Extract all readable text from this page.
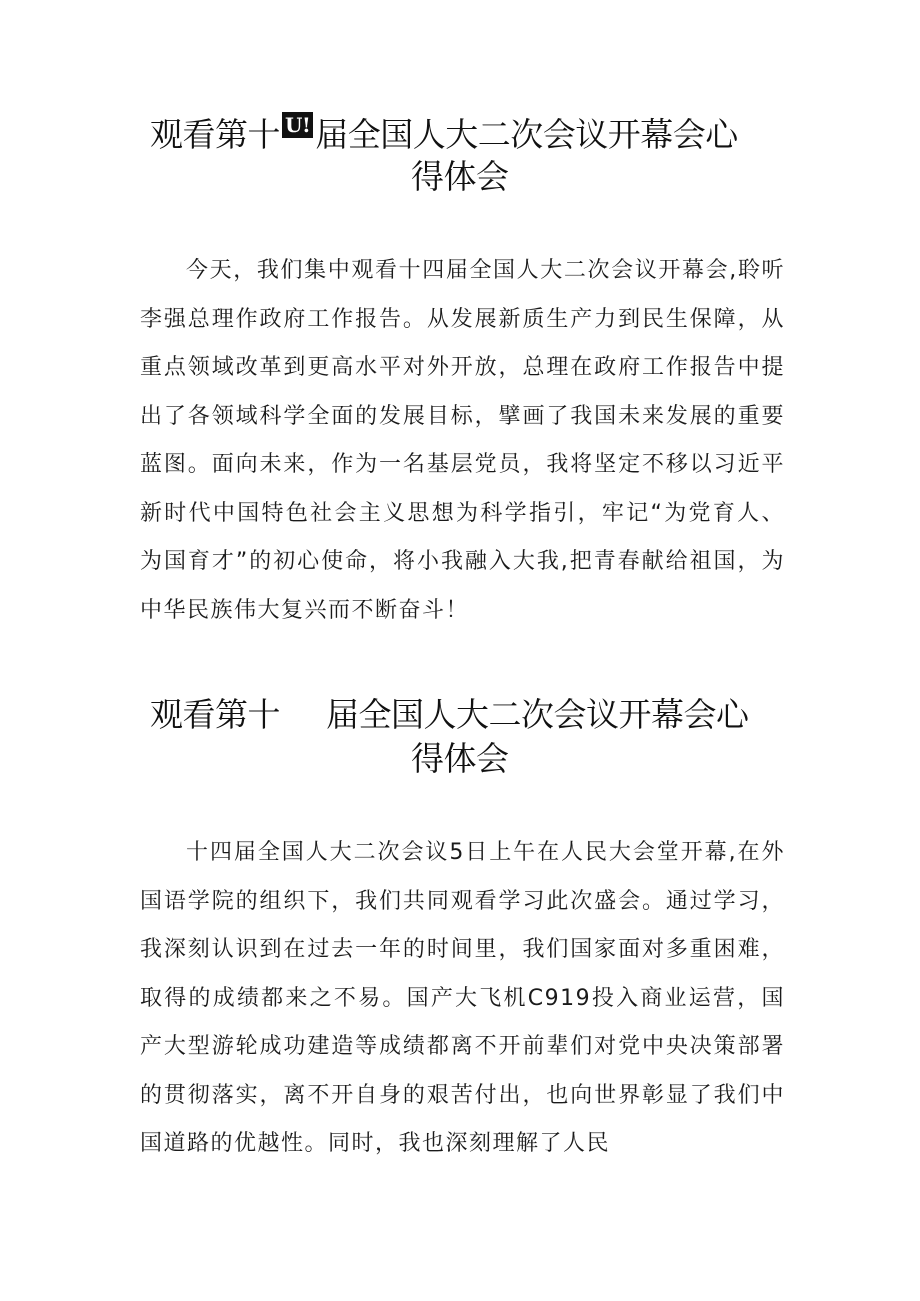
观看第十 U! 届全国人大二次会议开幕会心
得体会
今天，我们集中观看十四届全国人大二次会议开幕会,聆听李强总理作政府工作报告。从发展新质生产力到民生保障，从重点领域改革到更高水平对外开放，总理在政府工作报告中提出了各领域科学全面的发展目标，擘画了我国未来发展的重要蓝图。面向未来，作为一名基层党员，我将坚定不移以习近平新时代中国特色社会主义思想为科学指引，牢记“为党育人、为国育才”的初心使命，将小我融入大我,把青春献给祖国，为中华民族伟大复兴而不断奋斗！
观看第十 届全国人大二次会议开幕会心
得体会
十四届全国人大二次会议5日上午在人民大会堂开幕,在外国语学院的组织下，我们共同观看学习此次盛会。通过学习，我深刻认识到在过去一年的时间里，我们国家面对多重困难，取得的成绩都来之不易。国产大飞机C919投入商业运营，国产大型游轮成功建造等成绩都离不开前辈们对党中央决策部署的贯彻落实，离不开自身的艰苦付出，也向世界彰显了我们中国道路的优越性。同时，我也深刻理解了人民
